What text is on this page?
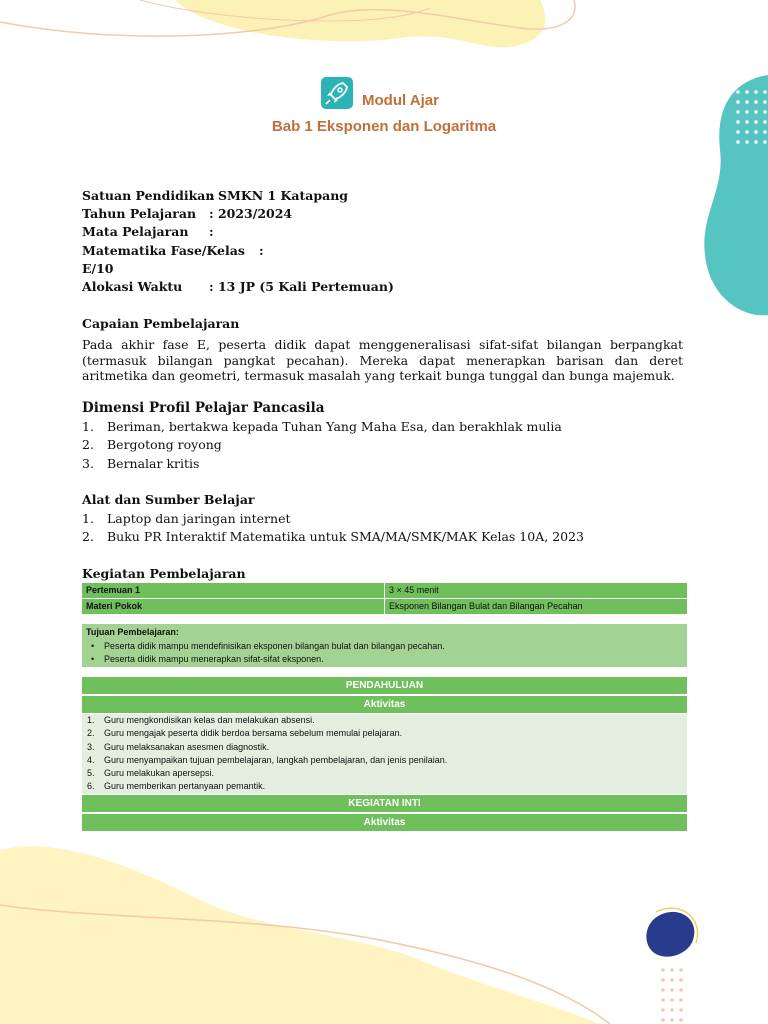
Modul Ajar
Bab 1 Eksponen dan Logaritma
Satuan Pendidikan
: SMKN 1 Katapang
Tahun Pelajaran : 2023/2024
Mata Pelajaran :
Matematika Fase/Kelas :
E/10
Alokasi Waktu : 13 JP (5 Kali Pertemuan)
Capaian Pembelajaran
Pada akhir fase E, peserta didik dapat menggeneralisasi sifat-sifat bilangan berpangkat (termasuk bilangan pangkat pecahan). Mereka dapat menerapkan barisan dan deret aritmetika dan geometri, termasuk masalah yang terkait bunga tunggal dan bunga majemuk.
Dimensi Profil Pelajar Pancasila
1. Beriman, bertakwa kepada Tuhan Yang Maha Esa, dan berakhlak mulia
2. Bergotong royong
3. Bernalar kritis
Alat dan Sumber Belajar
1. Laptop dan jaringan internet
2. Buku PR Interaktif Matematika untuk SMA/MA/SMK/MAK Kelas 10A, 2023
Kegiatan Pembelajaran
Pertemuan 1	3 × 45 menit
Materi Pokok	Eksponen Bilangan Bulat dan Bilangan Pecahan
Tujuan Pembelajaran:
• Peserta didik mampu mendefinisikan eksponen bilangan bulat dan bilangan pecahan.
• Peserta didik mampu menerapkan sifat-sifat eksponen.
PENDAHULUAN
Aktivitas
1. Guru mengkondisikan kelas dan melakukan absensi.
2. Guru mengajak peserta didik berdoa bersama sebelum memulai pelajaran.
3. Guru melaksanakan asesmen diagnostik.
4. Guru menyampaikan tujuan pembelajaran, langkah pembelajaran, dan jenis penilaian.
5. Guru melakukan apersepsi.
6. Guru memberikan pertanyaan pemantik.
KEGIATAN INTI
Aktivitas
